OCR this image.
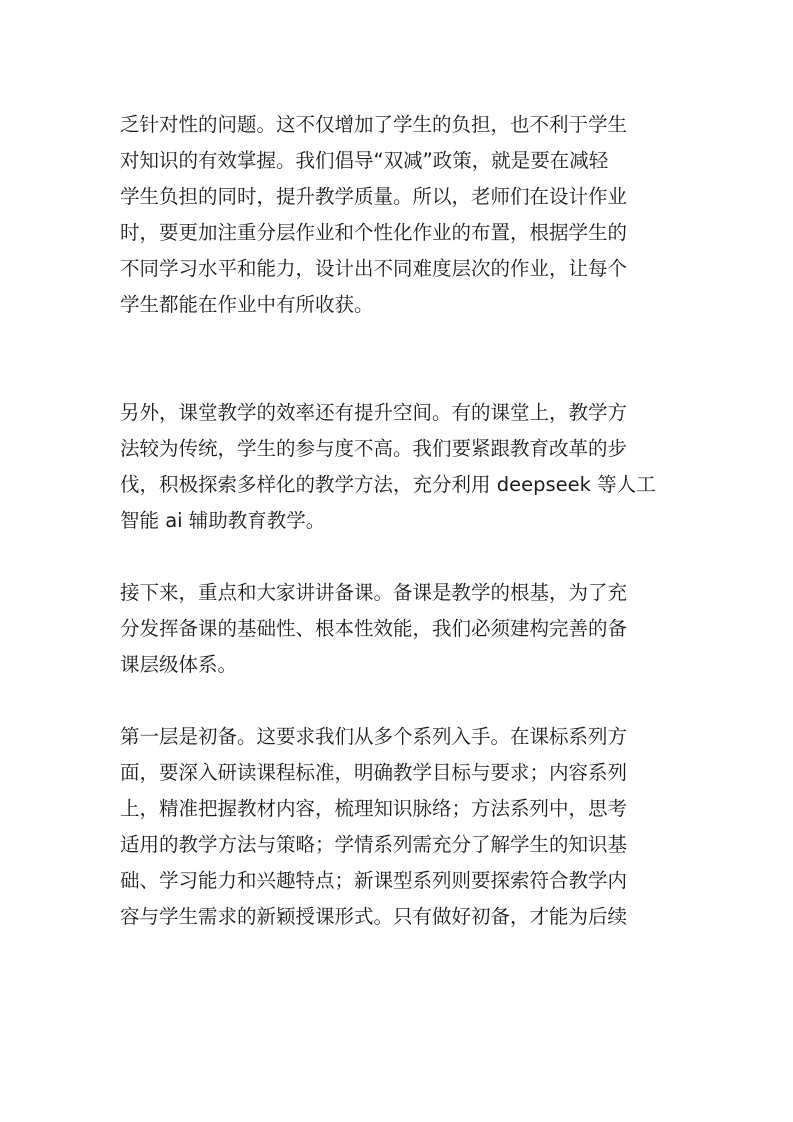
乏针对性的问题。这不仅增加了学生的负担，也不利于学生
对知识的有效掌握。我们倡导“双减”政策，就是要在减轻
学生负担的同时，提升教学质量。所以，老师们在设计作业
时，要更加注重分层作业和个性化作业的布置，根据学生的
不同学习水平和能力，设计出不同难度层次的作业，让每个
学生都能在作业中有所收获。

另外，课堂教学的效率还有提升空间。有的课堂上，教学方
法较为传统，学生的参与度不高。我们要紧跟教育改革的步
伐，积极探索多样化的教学方法，充分利用 deepseek 等人工
智能 ai 辅助教育教学。

接下来，重点和大家讲讲备课。备课是教学的根基，为了充
分发挥备课的基础性、根本性效能，我们必须建构完善的备
课层级体系。

第一层是初备。这要求我们从多个系列入手。在课标系列方
面，要深入研读课程标准，明确教学目标与要求；内容系列
上，精准把握教材内容，梳理知识脉络；方法系列中，思考
适用的教学方法与策略；学情系列需充分了解学生的知识基
础、学习能力和兴趣特点；新课型系列则要探索符合教学内
容与学生需求的新颖授课形式。只有做好初备，才能为后续
